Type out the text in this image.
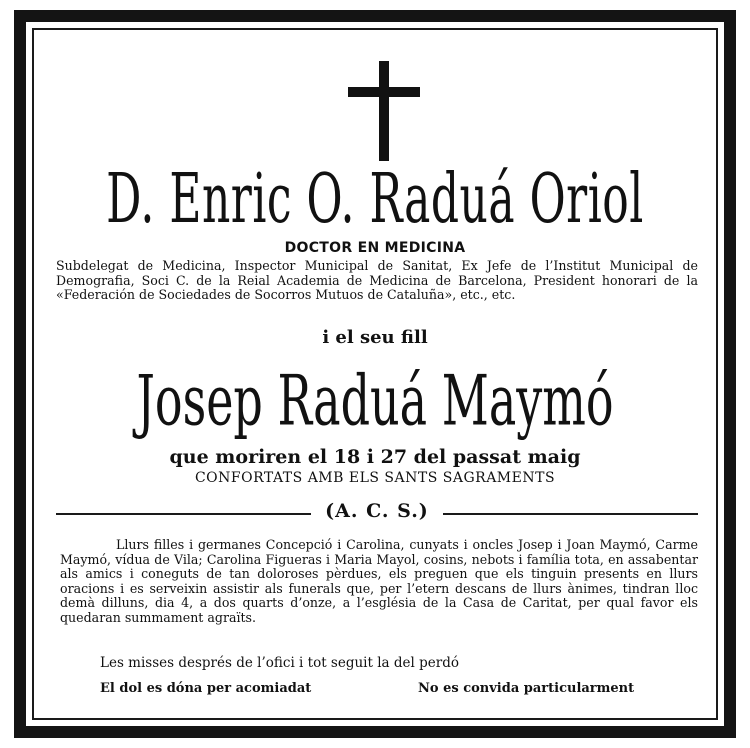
D. Enric O. Raduá Oriol
DOCTOR EN MEDICINA

Subdelegat de Medicina, Inspector Municipal de Sanitat, Ex Jefe de l’Institut Municipal de Demografia, Soci C. de la Reial Academia de Medicina de Barcelona, President honorari de la «Federación de Sociedades de Socorros Mutuos de Cataluña», etc., etc.

i el seu fill
Josep Raduá Maymó
que moriren el 18 i 27 del passat maig
CONFORTATS AMB ELS SANTS SAGRAMENTS
(A. C. S.)

Llurs filles i germanes Concepció i Carolina, cunyats i oncles Josep i Joan Maymó, Carme Maymó, vídua de Vila; Carolina Figueras i Maria Mayol, cosins, nebots i família tota, en assabentar als amics i coneguts de tan doloroses pèrdues, els preguen que els tinguin presents en llurs oracions i es serveixin assistir als funerals que, per l’etern descans de llurs ànimes, tindran lloc demà dilluns, dia 4, a dos quarts d’onze, a l’església de la Casa de Caritat, per qual favor els quedaran summament agraïts.

Les misses després de l’ofici i tot seguit la del perdó
El dol es dóna per acomiadat	No es convida particularment
